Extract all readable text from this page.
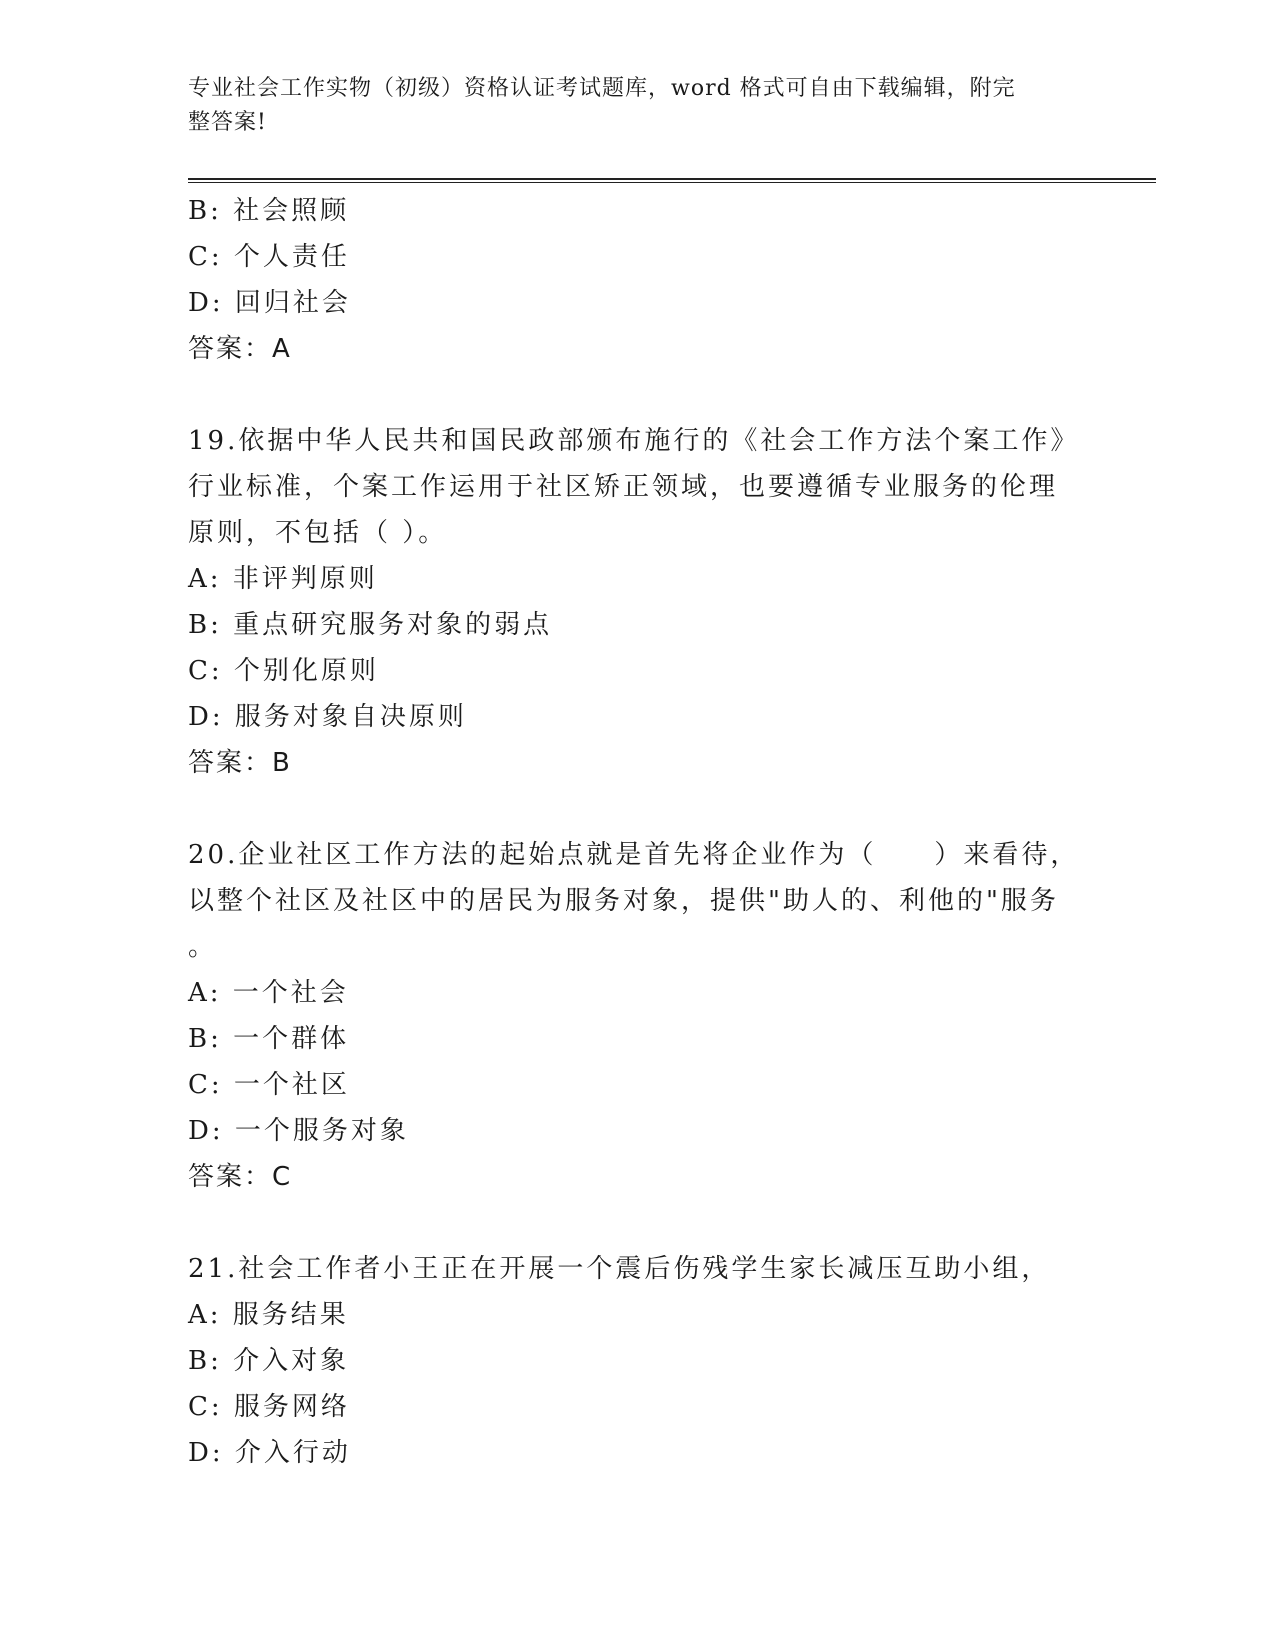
专业社会工作实物（初级）资格认证考试题库，word 格式可自由下载编辑，附完
整答案!
B: 社会照顾
C: 个人责任
D: 回归社会
答案：A
19.依据中华人民共和国民政部颁布施行的《社会工作方法个案工作》
行业标准，个案工作运用于社区矫正领域，也要遵循专业服务的伦理
原则，不包括（ ）。
A: 非评判原则
B: 重点研究服务对象的弱点
C: 个别化原则
D: 服务对象自决原则
答案：B
20.企业社区工作方法的起始点就是首先将企业作为（　　）来看待，
以整个社区及社区中的居民为服务对象，提供"助人的、利他的"服务
。
A: 一个社会
B: 一个群体
C: 一个社区
D: 一个服务对象
答案：C
21.社会工作者小王正在开展一个震后伤残学生家长减压互助小组，
A: 服务结果
B: 介入对象
C: 服务网络
D: 介入行动
